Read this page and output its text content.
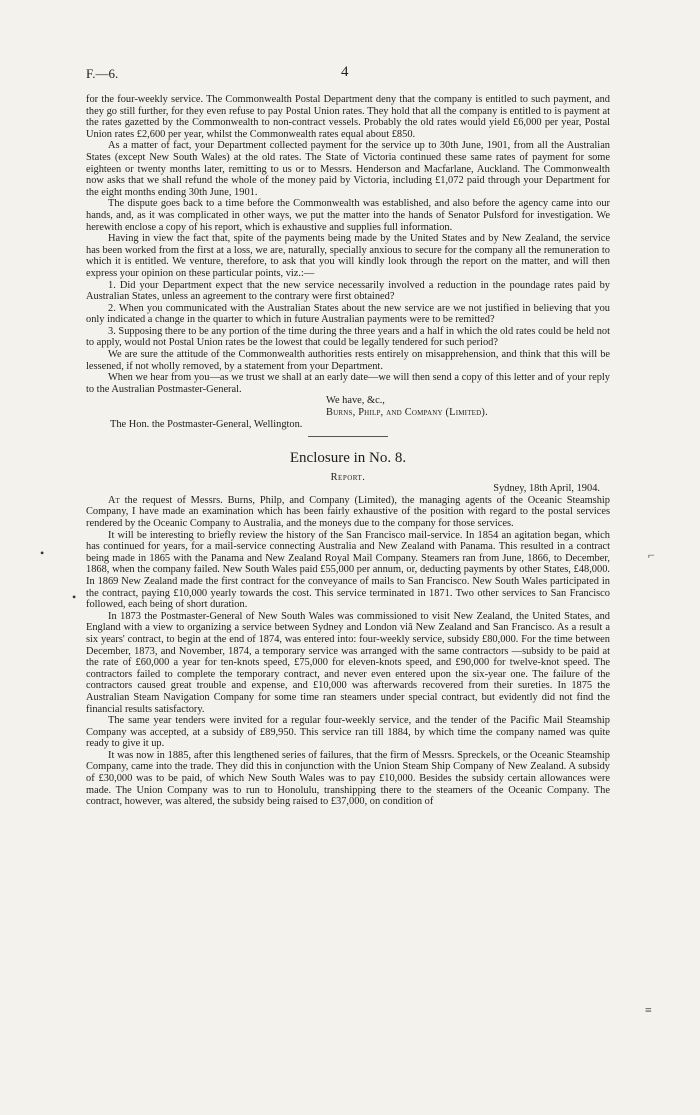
F.—6.	4

for the four-weekly service. The Commonwealth Postal Department deny that the company is entitled to such payment, and they go still further, for they even refuse to pay Postal Union rates. They hold that all the company is entitled to is payment at the rates gazetted by the Commonwealth to non-contract vessels. Probably the old rates would yield £6,000 per year, Postal Union rates £2,600 per year, whilst the Commonwealth rates equal about £850.

As a matter of fact, your Department collected payment for the service up to 30th June, 1901, from all the Australian States (except New South Wales) at the old rates. The State of Victoria continued these same rates of payment for some eighteen or twenty months later, remitting to us or to Messrs. Henderson and Macfarlane, Auckland. The Commonwealth now asks that we shall refund the whole of the money paid by Victoria, including £1,072 paid through your Department for the eight months ending 30th June, 1901.

The dispute goes back to a time before the Commonwealth was established, and also before the agency came into our hands, and, as it was complicated in other ways, we put the matter into the hands of Senator Pulsford for investigation. We herewith enclose a copy of his report, which is exhaustive and supplies full information.

Having in view the fact that, spite of the payments being made by the United States and by New Zealand, the service has been worked from the first at a loss, we are, naturally, specially anxious to secure for the company all the remuneration to which it is entitled. We venture, therefore, to ask that you will kindly look through the report on the matter, and will then express your opinion on these particular points, viz.:—

1. Did your Department expect that the new service necessarily involved a reduction in the poundage rates paid by Australian States, unless an agreement to the contrary were first obtained?

2. When you communicated with the Australian States about the new service are we not justified in believing that you only indicated a change in the quarter to which in future Australian payments were to be remitted?

3. Supposing there to be any portion of the time during the three years and a half in which the old rates could be held not to apply, would not Postal Union rates be the lowest that could be legally tendered for such period?

We are sure the attitude of the Commonwealth authorities rests entirely on misapprehension, and think that this will be lessened, if not wholly removed, by a statement from your Department.

When we hear from you—as we trust we shall at an early date—we will then send a copy of this letter and of your reply to the Australian Postmaster-General.

We have, &c.,
Burns, Philp, and Company (Limited).
The Hon. the Postmaster-General, Wellington.
Enclosure in No. 8.
Report.
Sydney, 18th April, 1904.

At the request of Messrs. Burns, Philp, and Company (Limited), the managing agents of the Oceanic Steamship Company, I have made an examination which has been fairly exhaustive of the position with regard to the postal services rendered by the Oceanic Company to Australia, and the moneys due to the company for those services.

It will be interesting to briefly review the history of the San Francisco mail-service. In 1854 an agitation began, which has continued for years, for a mail-service connecting Australia and New Zealand with Panama. This resulted in a contract being made in 1865 with the Panama and New Zealand Royal Mail Company. Steamers ran from June, 1866, to December, 1868, when the company failed. New South Wales paid £55,000 per annum, or, deducting payments by other States, £48,000. In 1869 New Zealand made the first contract for the conveyance of mails to San Francisco. New South Wales participated in the contract, paying £10,000 yearly towards the cost. This service terminated in 1871. Two other services to San Francisco followed, each being of short duration.

In 1873 the Postmaster-General of New South Wales was commissioned to visit New Zealand, the United States, and England with a view to organizing a service between Sydney and London viâ New Zealand and San Francisco. As a result a six years' contract, to begin at the end of 1874, was entered into: four-weekly service, subsidy £80,000. For the time between December, 1873, and November, 1874, a temporary service was arranged with the same contractors —subsidy to be paid at the rate of £60,000 a year for ten-knots speed, £75,000 for eleven-knots speed, and £90,000 for twelve-knot speed. The contractors failed to complete the temporary contract, and never even entered upon the six-year one. The failure of the contractors caused great trouble and expense, and £10,000 was afterwards recovered from their sureties. In 1875 the Australian Steam Navigation Company for some time ran steamers under special contract, but evidently did not find the financial results satisfactory.

The same year tenders were invited for a regular four-weekly service, and the tender of the Pacific Mail Steamship Company was accepted, at a subsidy of £89,950. This service ran till 1884, by which time the company named was quite ready to give it up.

It was now in 1885, after this lengthened series of failures, that the firm of Messrs. Spreckels, or the Oceanic Steamship Company, came into the trade. They did this in conjunction with the Union Steam Ship Company of New Zealand. A subsidy of £30,000 was to be paid, of which New South Wales was to pay £10,000. Besides the subsidy certain allowances were made. The Union Company was to run to Honolulu, transhipping there to the steamers of the Oceanic Company. The contract, however, was altered, the subsidy being raised to £37,000, on condition of

•	⌐
•
≡
